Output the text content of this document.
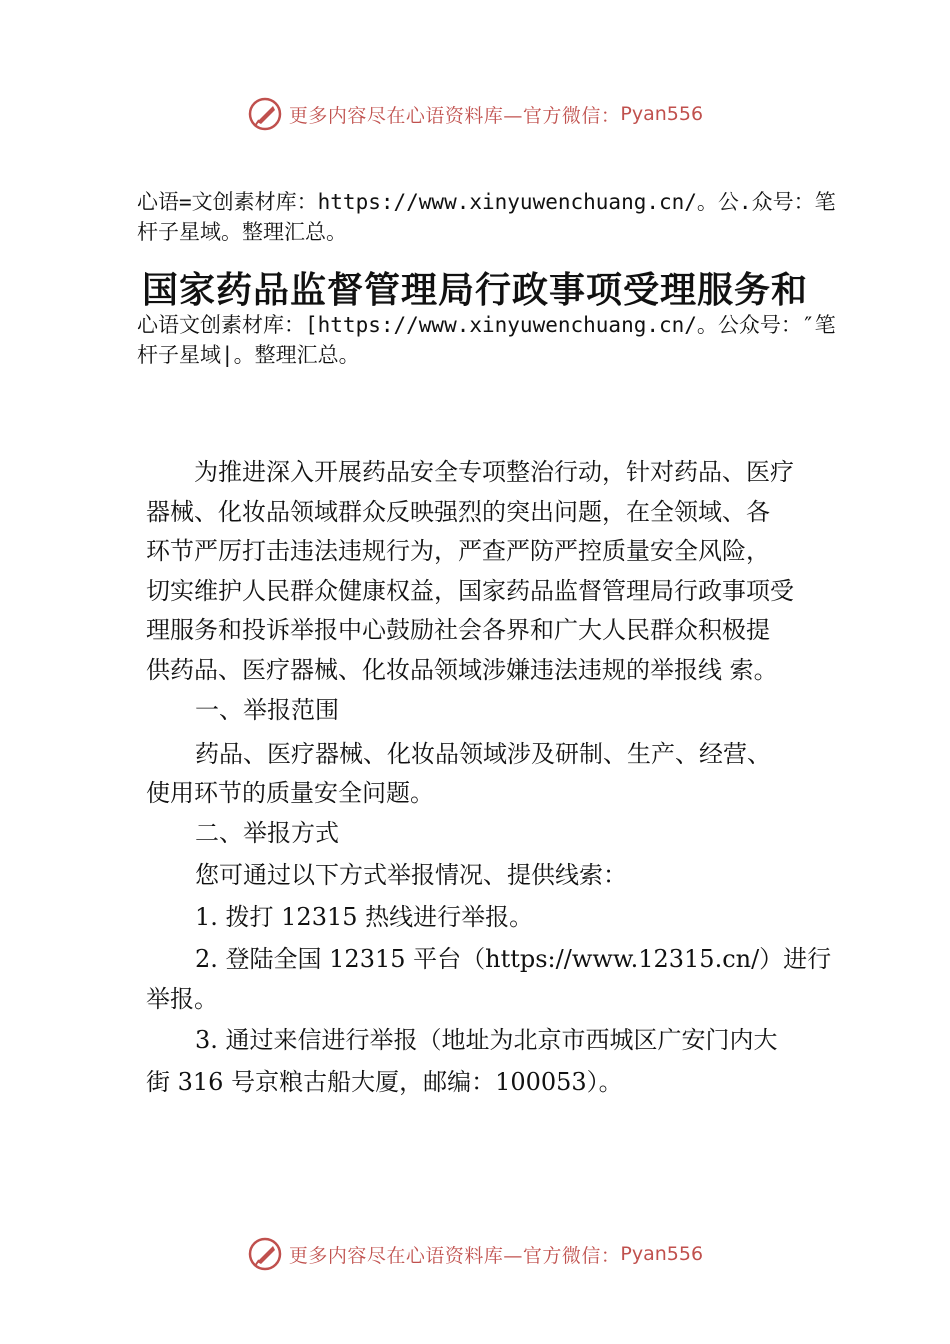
更多内容尽在心语资料库—官方微信： Pyan556
心语=文创素材库：https://www.xinyuwenchuang.cn/。公.众号：笔杆子星域。整理汇总。
国家药品监督管理局行政事项受理服务和
心语文创素材库：[https://www.xinyuwenchuang.cn/。公众号：″笔杆子星域|。整理汇总。
　　为推进深入开展药品安全专项整治行动，针对药品、医疗
器械、化妆品领域群众反映强烈的突出问题，在全领域、各
环节严厉打击违法违规行为，严查严防严控质量安全风险，
切实维护人民群众健康权益，国家药品监督管理局行政事项受
理服务和投诉举报中心鼓励社会各界和广大人民群众积极提
供药品、医疗器械、化妆品领域涉嫌违法违规的举报线 索。
一、举报范围
药品、医疗器械、化妆品领域涉及研制、生产、经营、
使用环节的质量安全问题。
二、举报方式
您可通过以下方式举报情况、提供线索：
1. 拨打 12315 热线进行举报。
2. 登陆全国 12315 平台（https://www.12315.cn/）进行
举报。
3. 通过来信进行举报（地址为北京市西城区广安门内大
街 316 号京粮古船大厦，邮编：100053）。
更多内容尽在心语资料库—官方微信： Pyan556
